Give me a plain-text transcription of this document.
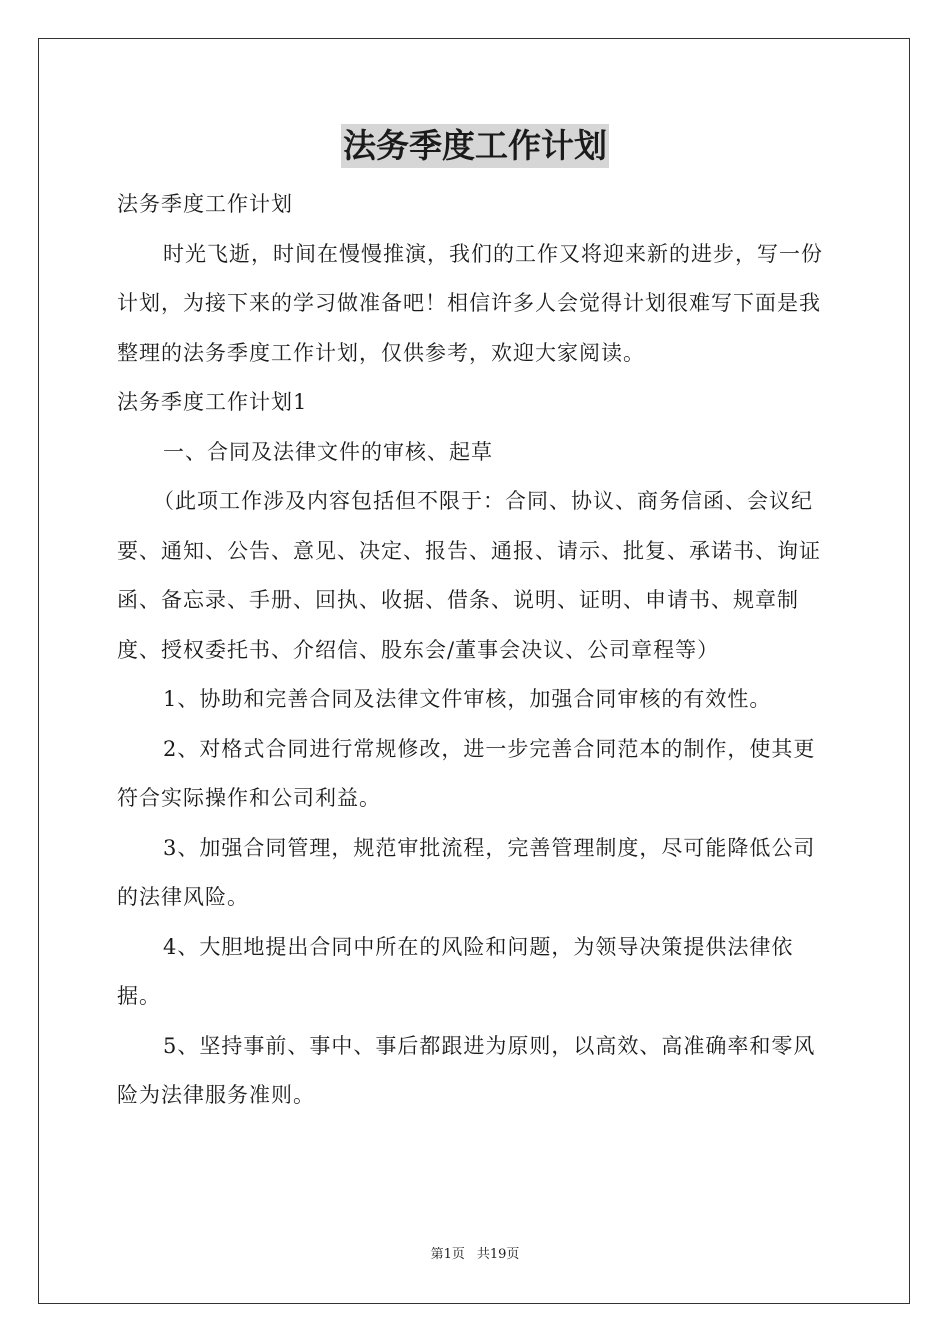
法务季度工作计划

法务季度工作计划

时光飞逝，时间在慢慢推演，我们的工作又将迎来新的进步，写一份计划，为接下来的学习做准备吧！相信许多人会觉得计划很难写下面是我整理的法务季度工作计划，仅供参考，欢迎大家阅读。

法务季度工作计划1

一、合同及法律文件的审核、起草

（此项工作涉及内容包括但不限于：合同、协议、商务信函、会议纪要、通知、公告、意见、决定、报告、通报、请示、批复、承诺书、询证函、备忘录、手册、回执、收据、借条、说明、证明、申请书、规章制度、授权委托书、介绍信、股东会/董事会决议、公司章程等）

1、协助和完善合同及法律文件审核，加强合同审核的有效性。

2、对格式合同进行常规修改，进一步完善合同范本的制作，使其更符合实际操作和公司利益。

3、加强合同管理，规范审批流程，完善管理制度，尽可能降低公司的法律风险。

4、大胆地提出合同中所在的风险和问题，为领导决策提供法律依据。

5、坚持事前、事中、事后都跟进为原则，以高效、高准确率和零风险为法律服务准则。

第1页 共19页
